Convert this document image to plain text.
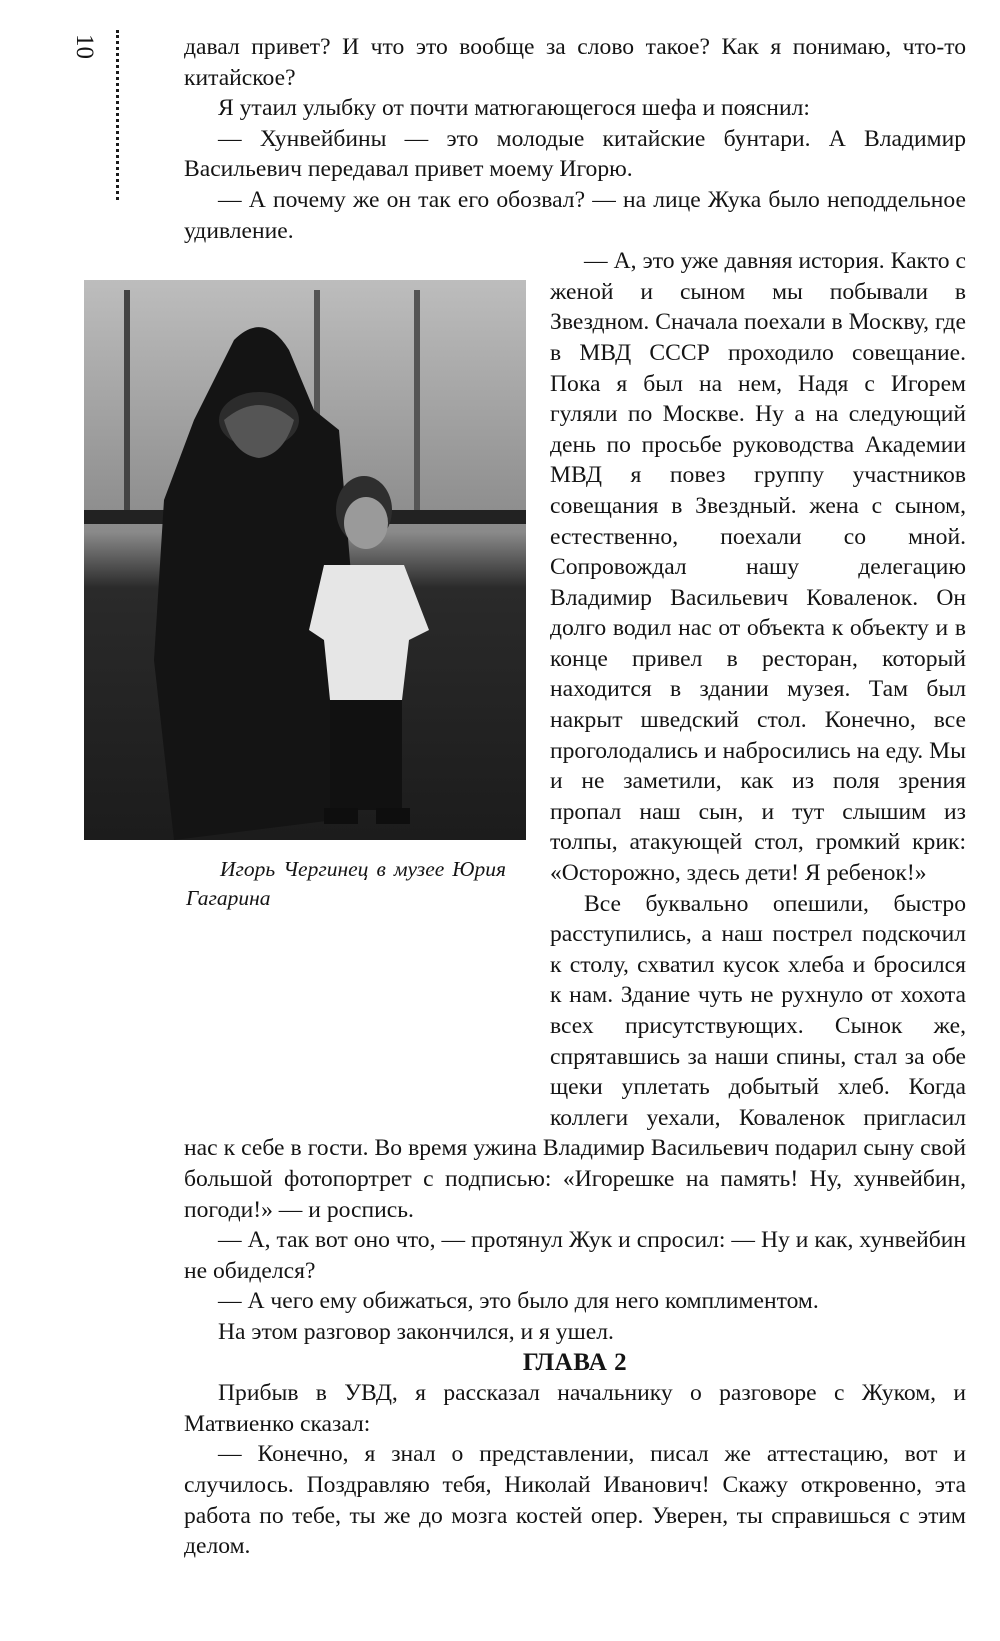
10
Игорь Чергинец в музее Юрия Гагарина

давал привет? И что это вообще за слово такое? Как я понимаю, что-то китайское?

Я утаил улыбку от почти матюгающегося шефа и пояснил:

— Хунвейбины — это молодые китайские бунтари. А Владимир Васильевич передавал привет моему Игорю.

— А почему же он так его обозвал? — на лице Жука было неподдельное удивление.

— А, это уже давняя история. Както с женой и сыном мы побывали в Звездном. Сначала поехали в Москву, где в МВД СССР проходило совещание. Пока я был на нем, Надя с Игорем гуляли по Москве. Ну а на следующий день по просьбе руководства Академии МВД я повез группу участников совещания в Звездный. жена с сыном, естественно, поехали со мной. Сопровождал нашу делегацию Владимир Васильевич Коваленок. Он долго водил нас от объекта к объекту и в конце привел в ресторан, который находится в здании музея. Там был накрыт шведский стол. Конечно, все проголодались и набросились на еду. Мы и не заметили, как из поля зрения пропал наш сын, и тут слышим из толпы, атакующей стол, громкий крик: «Осторожно, здесь дети! Я ребенок!»

Все буквально опешили, быстро расступились, а наш пострел подскочил к столу, схватил кусок хлеба и бросился к нам. Здание чуть не рухнуло от хохота всех присутствующих. Сынок же, спрятавшись за наши спины, стал за обе щеки уплетать добытый хлеб. Когда коллеги уехали, Коваленок пригласил нас к себе в гости. Во время ужина Владимир Васильевич подарил сыну свой большой фотопортрет с подписью: «Игорешке на память! Ну, хунвейбин, погоди!» — и роспись.

— А, так вот оно что, — протянул Жук и спросил: — Ну и как, хунвейбин не обиделся?

— А чего ему обижаться, это было для него комплиментом.

На этом разговор закончился, и я ушел.

ГЛАВА 2

Прибыв в УВД, я рассказал начальнику о разговоре с Жуком, и Матвиенко сказал:

— Конечно, я знал о представлении, писал же аттестацию, вот и случилось. Поздравляю тебя, Николай Иванович! Скажу откровенно, эта работа по тебе, ты же до мозга костей опер. Уверен, ты справишься с этим делом.
